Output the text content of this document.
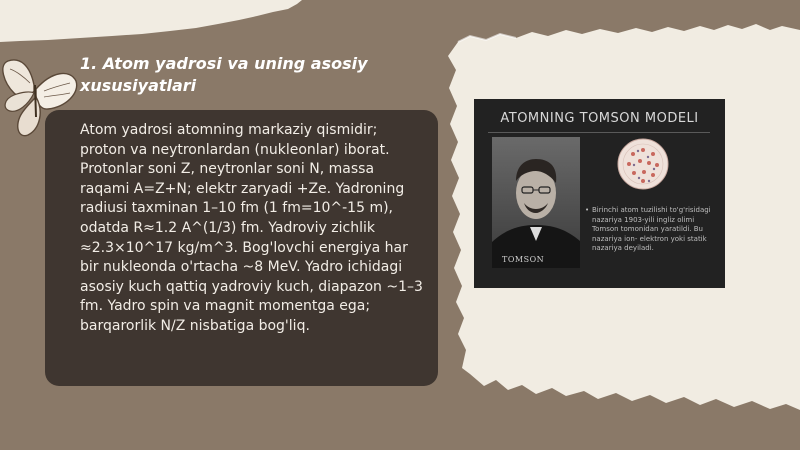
1. Atom yadrosi va uning asosiy xususiyatlari

Atom yadrosi atomning markaziy qismidir; proton va neytronlardan (nukleonlar) iborat. Protonlar soni Z, neytronlar soni N, massa raqami A=Z+N; elektr zaryadi +Ze. Yadroning radiusi taxminan 1–10 fm (1 fm=10^-15 m), odatda R≈1.2 A^(1/3) fm. Yadroviy zichlik ≈2.3×10^17 kg/m^3. Bog'lovchi energiya har bir nukleonda o'rtacha ~8 MeV. Yadro ichidagi asosiy kuch qattiq yadroviy kuch, diapazon ~1–3 fm. Yadro spin va magnit momentga ega; barqarorlik N/Z nisbatiga bog'liq.

ATOMNING TOMSON MODELI
TOMSON
• Birinchi atom tuzilishi to'g'risidagi nazariya 1903-yili ingliz olimi Tomson tomonidan yaratildi. Bu nazariya ion- elektron yoki statik nazariya deyiladi.
